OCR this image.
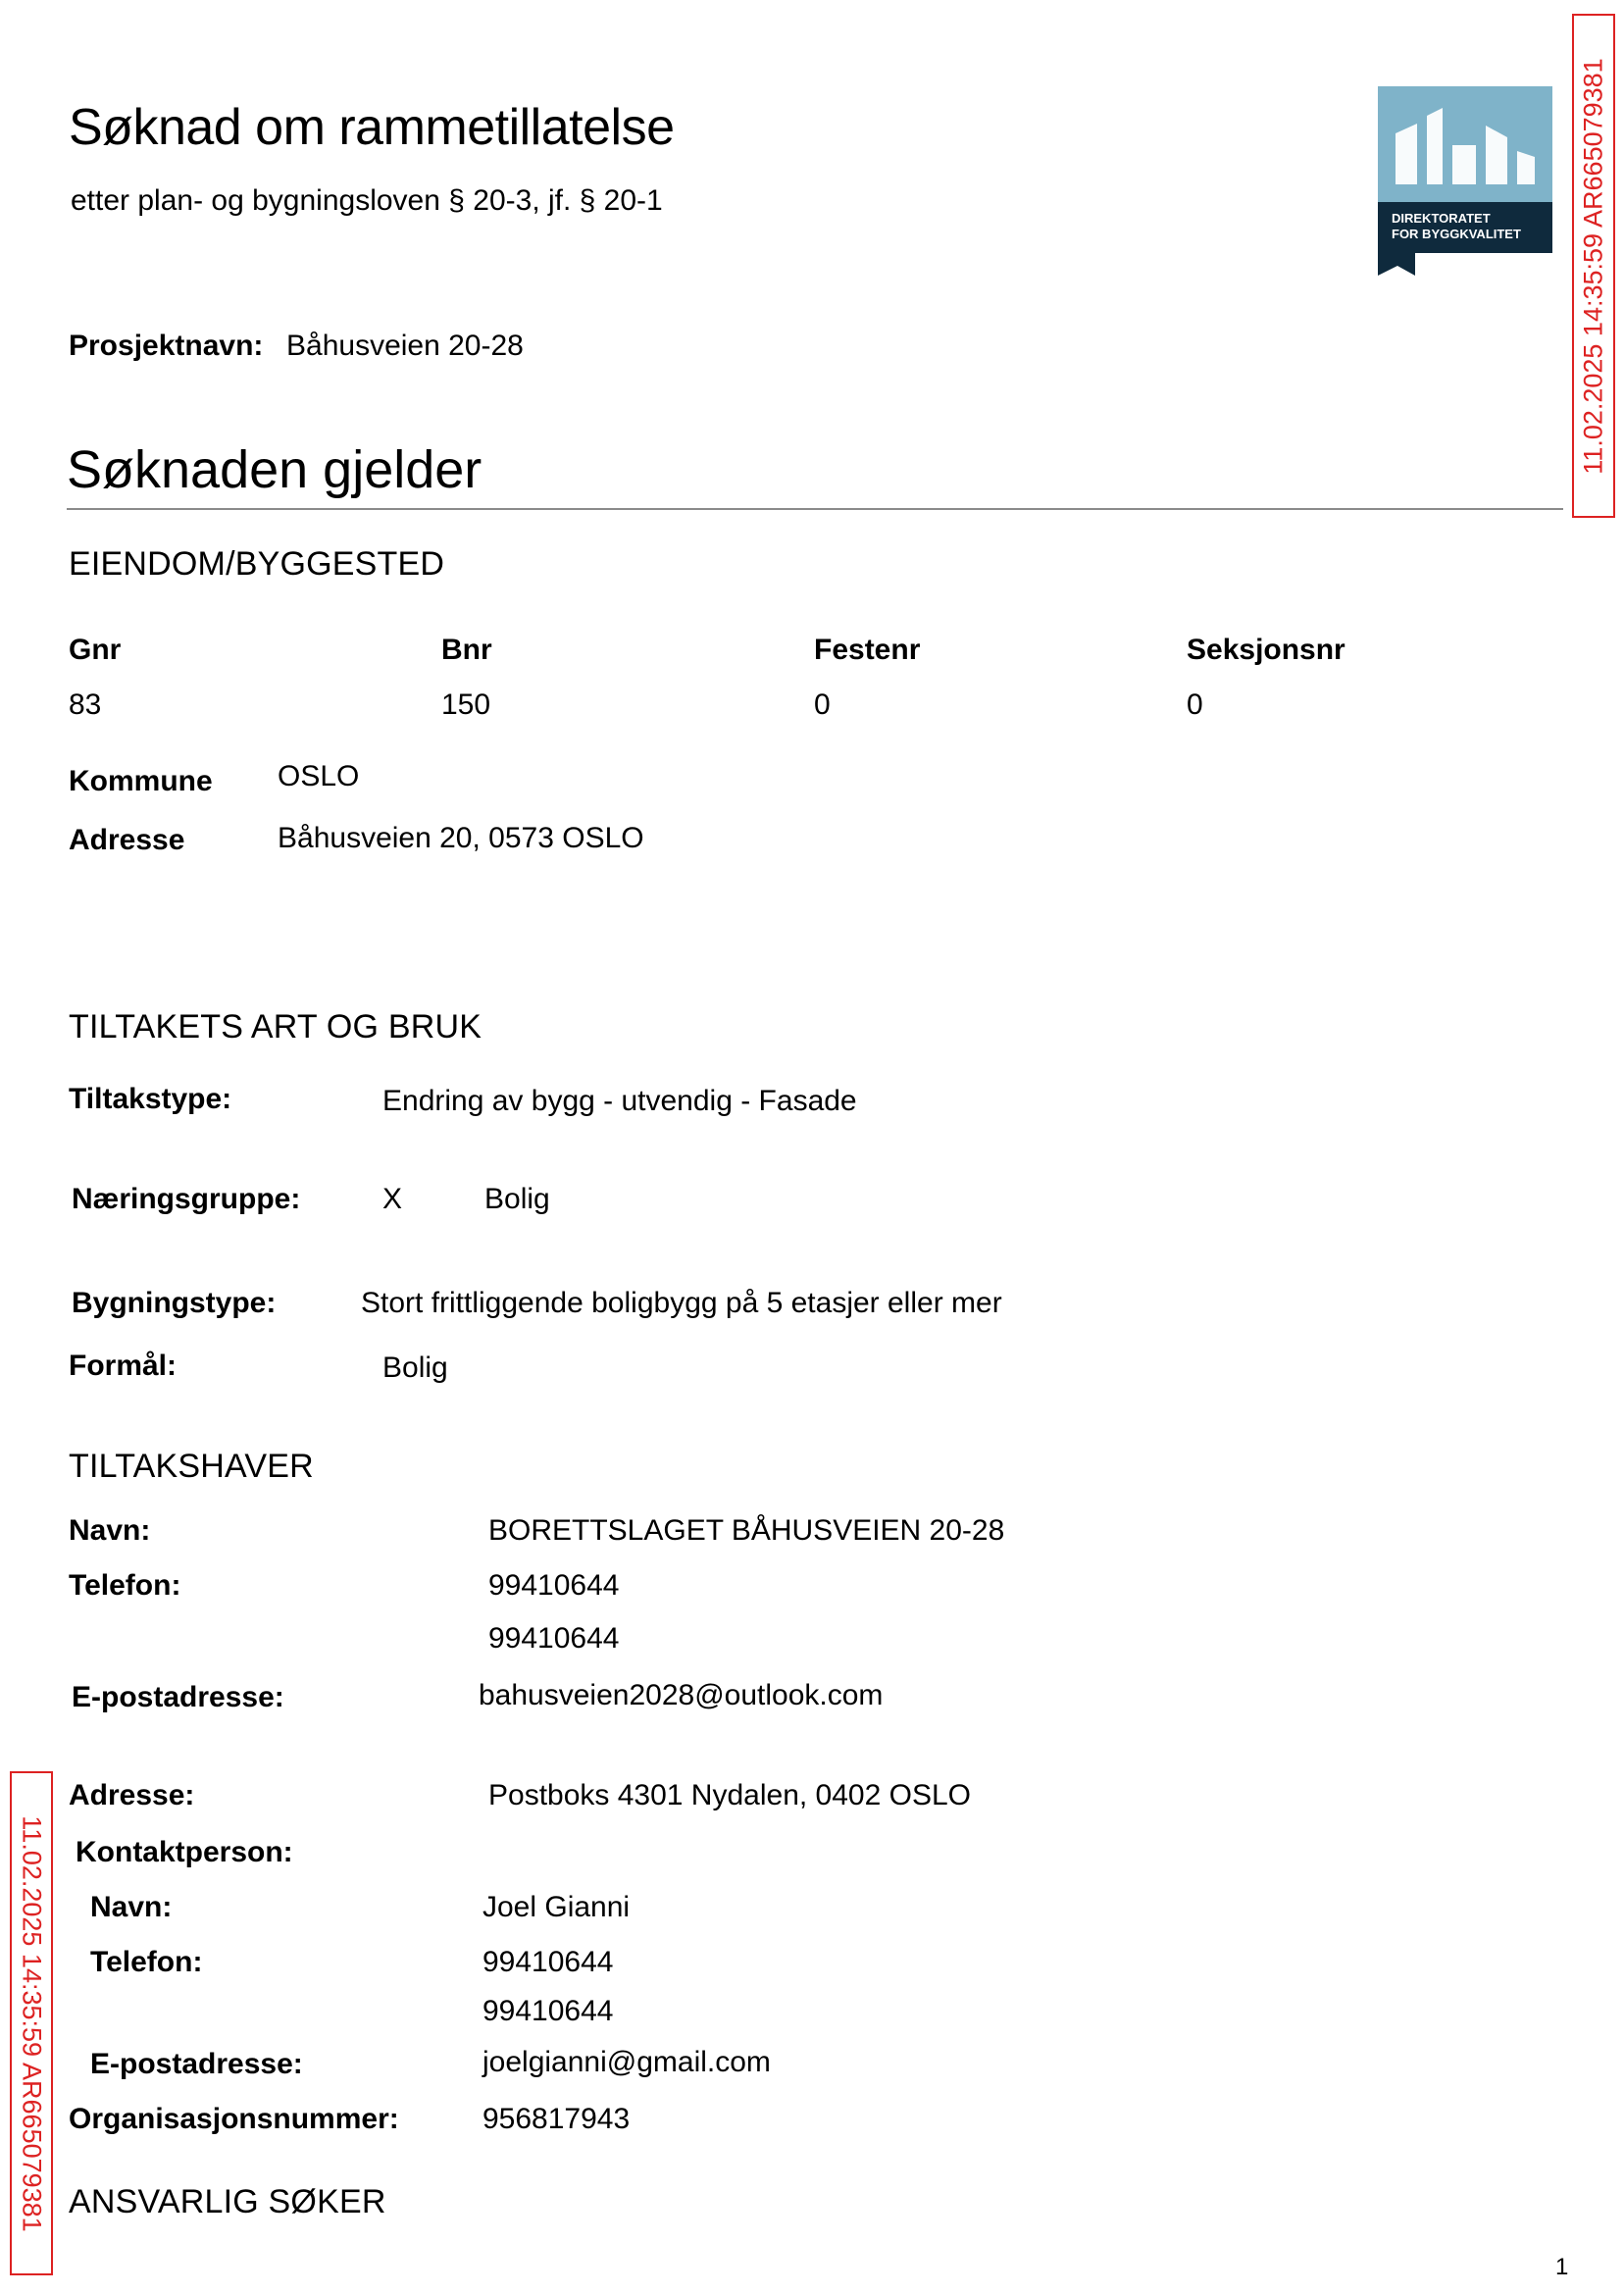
Søknad om rammetillatelse
etter plan- og bygningsloven § 20-3, jf. § 20-1
DIREKTORATET
FOR BYGGKVALITET 11.02.2025 14:35:59 AR665079381
Prosjektnavn: Båhusveien 20-28
Søknaden gjelder
EIENDOM/BYGGESTED
Gnr	Bnr	Festenr	Seksjonsnr
83	150	0	0
Kommune OSLO
Adresse	Båhusveien 20, 0573 OSLO
TILTAKETS ART OG BRUK
Tiltakstype:	Endring av bygg - utvendig - Fasade
Næringsgruppe:	X	Bolig
Bygningstype:	Stort frittliggende boligbygg på 5 etasjer eller mer
Formål:	Bolig
TILTAKSHAVER
Navn:	BORETTSLAGET BÅHUSVEIEN 20-28
Telefon:	99410644
99410644
E-postadresse:	bahusveien2028@outlook.com
Adresse:	Postboks 4301 Nydalen, 0402 OSLO
Kontaktperson:
Navn:	Joel Gianni
Telefon:	99410644
99410644
E-postadresse:	joelgianni@gmail.com
Organisasjonsnummer:	956817943
ANSVARLIG SØKER
11.02.2025 14:35:59 AR665079381
1
